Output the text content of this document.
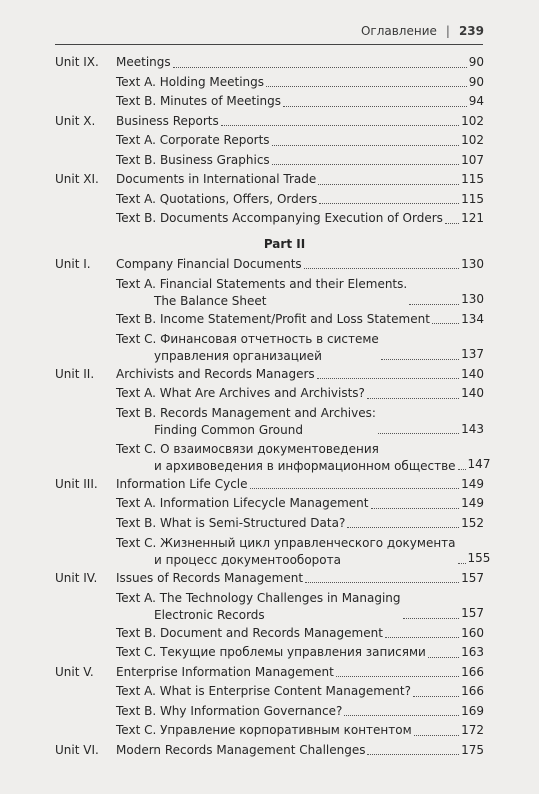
Оглавление | 239
Unit IX. Meetings	90
Text A. Holding Meetings	90
Text B. Minutes of Meetings	94
Unit X. Business Reports	102
Text A. Corporate Reports	102
Text B. Business Graphics	107
Unit XI. Documents in International Trade	115
Text A. Quotations, Offers, Orders	115
Text B. Documents Accompanying Execution of Orders 121
Part II
Unit I. Company Financial Documents	130
Text A. Financial Statements and their Elements.
The Balance Sheet	130
Text B. Income Statement/Profit and Loss Statement	134
Text C. Финансовая отчетность в системе
управления организацией	137
Unit II. Archivists and Records Managers	140
Text A. What Are Archives and Archivists?	140
Text B. Records Management and Archives:
Finding Common Ground	143
Text C. О взаимосвязи документоведения
и архивоведения в информационном обществе 147
Unit III. Information Life Cycle	149
Text A. Information Lifecycle Management	149
Text B. What is Semi-Structured Data?	152
Text C. Жизненный цикл управленческого документа
и процесс документооборота	155
Unit IV. Issues of Records Management	157
Text A. The Technology Challenges in Managing
Electronic Records	157
Text B. Document and Records Management	160
Text C. Текущие проблемы управления записями	163
Unit V. Enterprise Information Management	166
Text A. What is Enterprise Content Management?	166
Text B. Why Information Governance?	169
Text C. Управление корпоративным контентом	172
Unit VI. Modern Records Management Challenges	175
